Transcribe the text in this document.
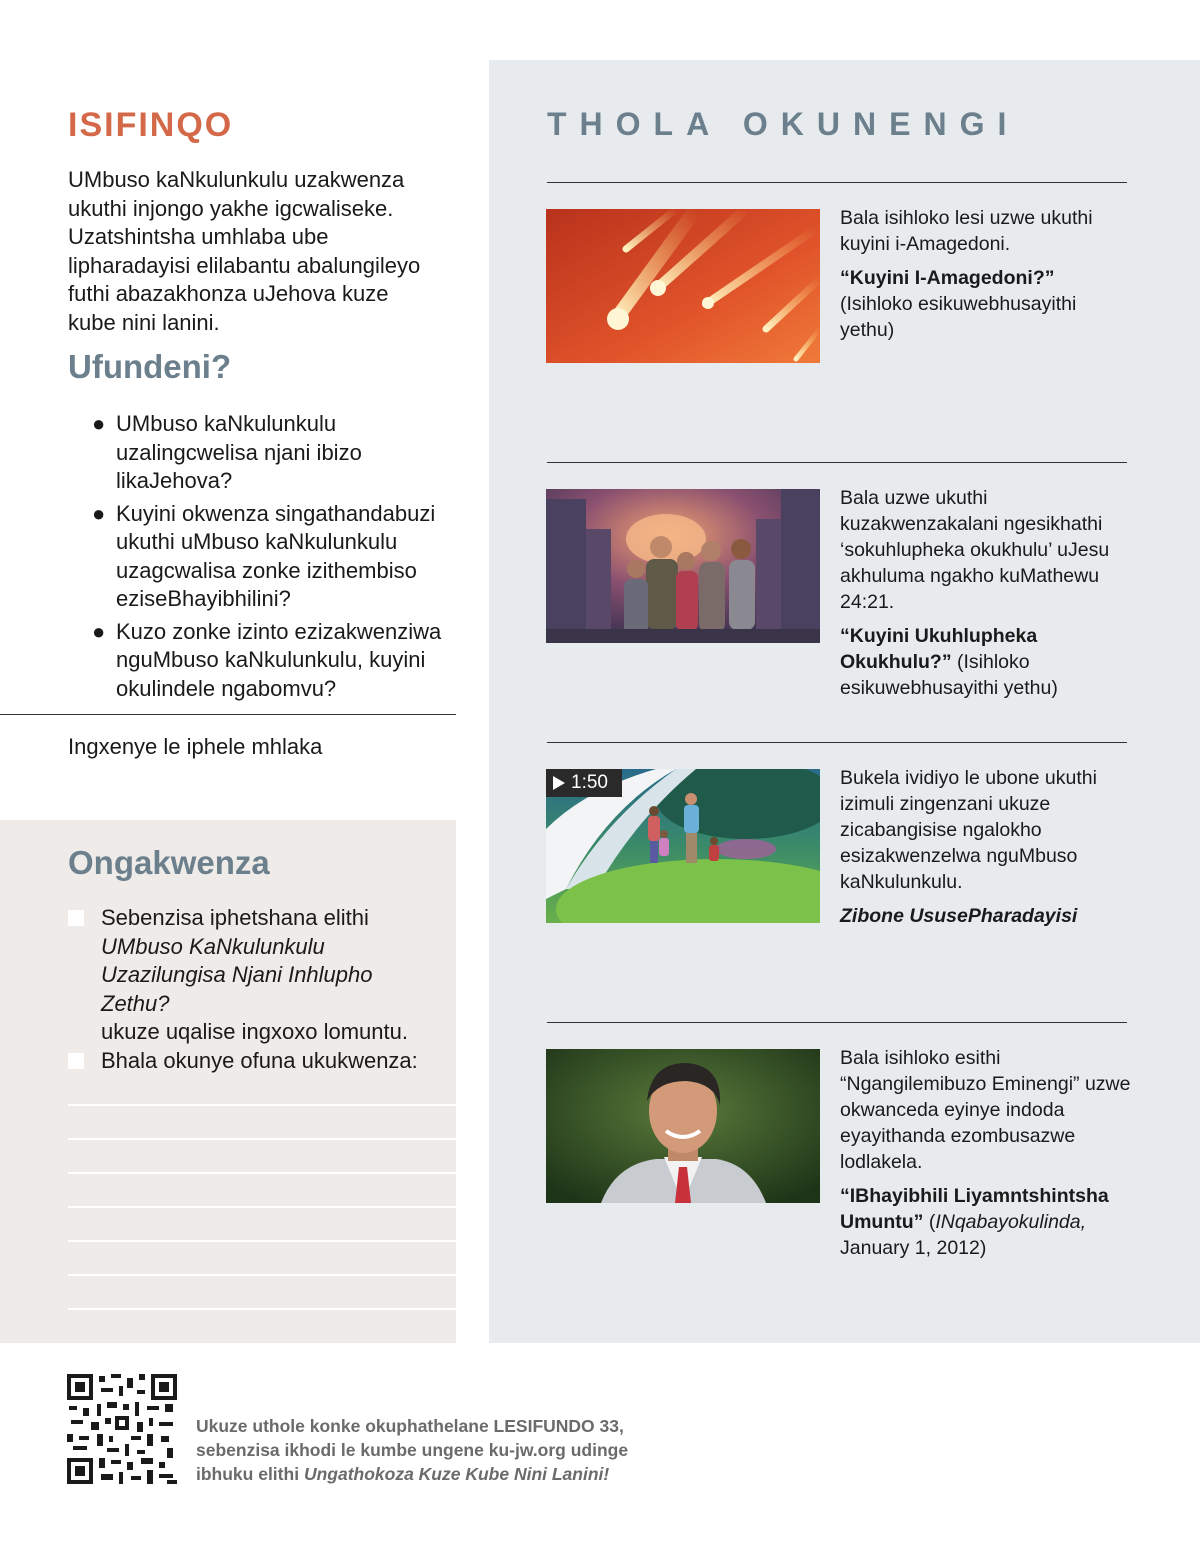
ISIFINQO

UMbuso kaNkulunkulu uzakwenza ukuthi injongo yakhe igcwaliseke. Uzatshintsha umhlaba ube lipharadayisi elilabantu abalungileyo futhi abazakhonza uJehova kuze kube nini lanini.

Ufundeni?
● UMbuso kaNkulunkulu uzalingcwelisa njani ibizo likaJehova?
● Kuyini okwenza singathandabuzi ukuthi uMbuso kaNkulunkulu uzagcwalisa zonke izithembiso eziseBhayibhilini?
● Kuzo zonke izinto ezizakwenziwa nguMbuso kaNkulunkulu, kuyini okulindele ngabomvu?

Ingxenye le iphele mhlaka

Ongakwenza
Sebenzisa iphetshana elithi
UMbuso KaNkulunkulu Uzazilungisa Njani Inhlupho Zethu?
ukuze uqalise ingxoxo lomuntu.
Bhala okunye ofuna ukukwenza:
THOLA OKUNENGI

Bala isihloko lesi uzwe ukuthi kuyini i-Amagedoni.

“Kuyini I-Amagedoni?”
(Isihloko esikuwebhusayithi yethu)

Bala uzwe ukuthi kuzakwenzakalani ngesikhathi ‘sokuhlupheka okukhulu’ uJesu akhuluma ngakho kuMathewu 24:21.

“Kuyini Ukuhlupheka Okukhulu?” (Isihloko esikuwebhusayithi yethu)

1:50	Bukela ividiyo le ubone ukuthi izimuli zingenzani ukuze zicabangisise ngalokho esizakwenzelwa nguMbuso kaNkulunkulu.

Zibone UsusePharadayisi

Bala isihloko esithi “Ngangilemibuzo Eminengi” uzwe okwanceda eyinye indoda eyayithanda ezombusazwe lodlakela.

“IBhayibhili Liyamntshintsha Umuntu” (INqabayokulinda,
January 1, 2012)

Ukuze uthole konke okuphathelane LESIFUNDO 33, sebenzisa ikhodi le kumbe ungene ku-jw.org udinge ibhuku elithi Ungathokoza Kuze Kube Nini Lanini!
